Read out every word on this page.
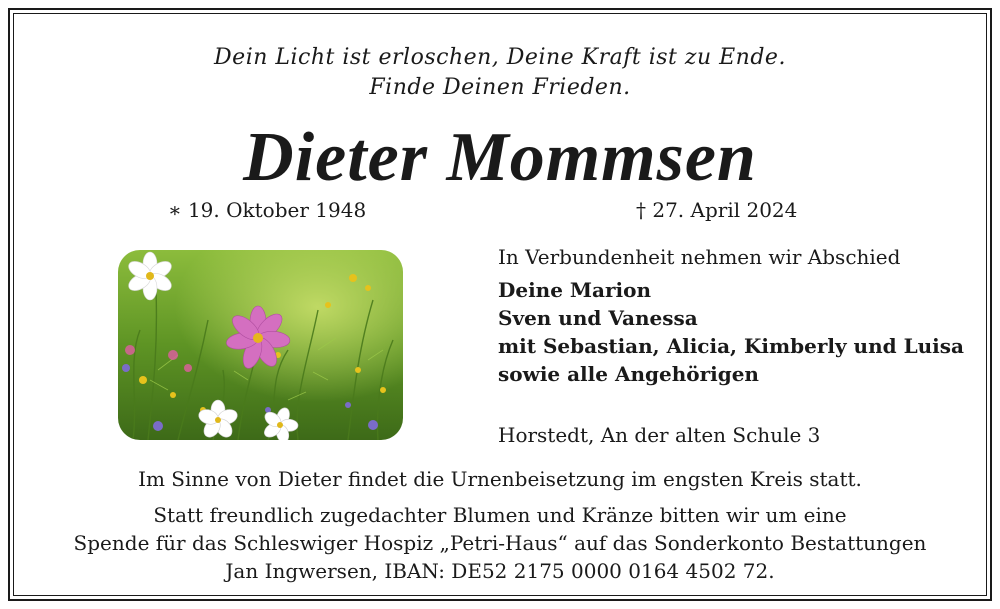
Dein Licht ist erloschen, Deine Kraft ist zu Ende.
Finde Deinen Frieden.
Dieter Mommsen
∗ 19. Oktober 1948	† 27. April 2024
In Verbundenheit nehmen wir Abschied
Deine Marion
Sven und Vanessa
mit Sebastian, Alicia, Kimberly und Luisa
sowie alle Angehörigen
Horstedt, An der alten Schule 3
Im Sinne von Dieter findet die Urnenbeisetzung im engsten Kreis statt.
Statt freundlich zugedachter Blumen und Kränze bitten wir um eine
Spende für das Schleswiger Hospiz „Petri-Haus“ auf das Sonderkonto Bestattungen
Jan Ingwersen, IBAN: DE52 2175 0000 0164 4502 72.
